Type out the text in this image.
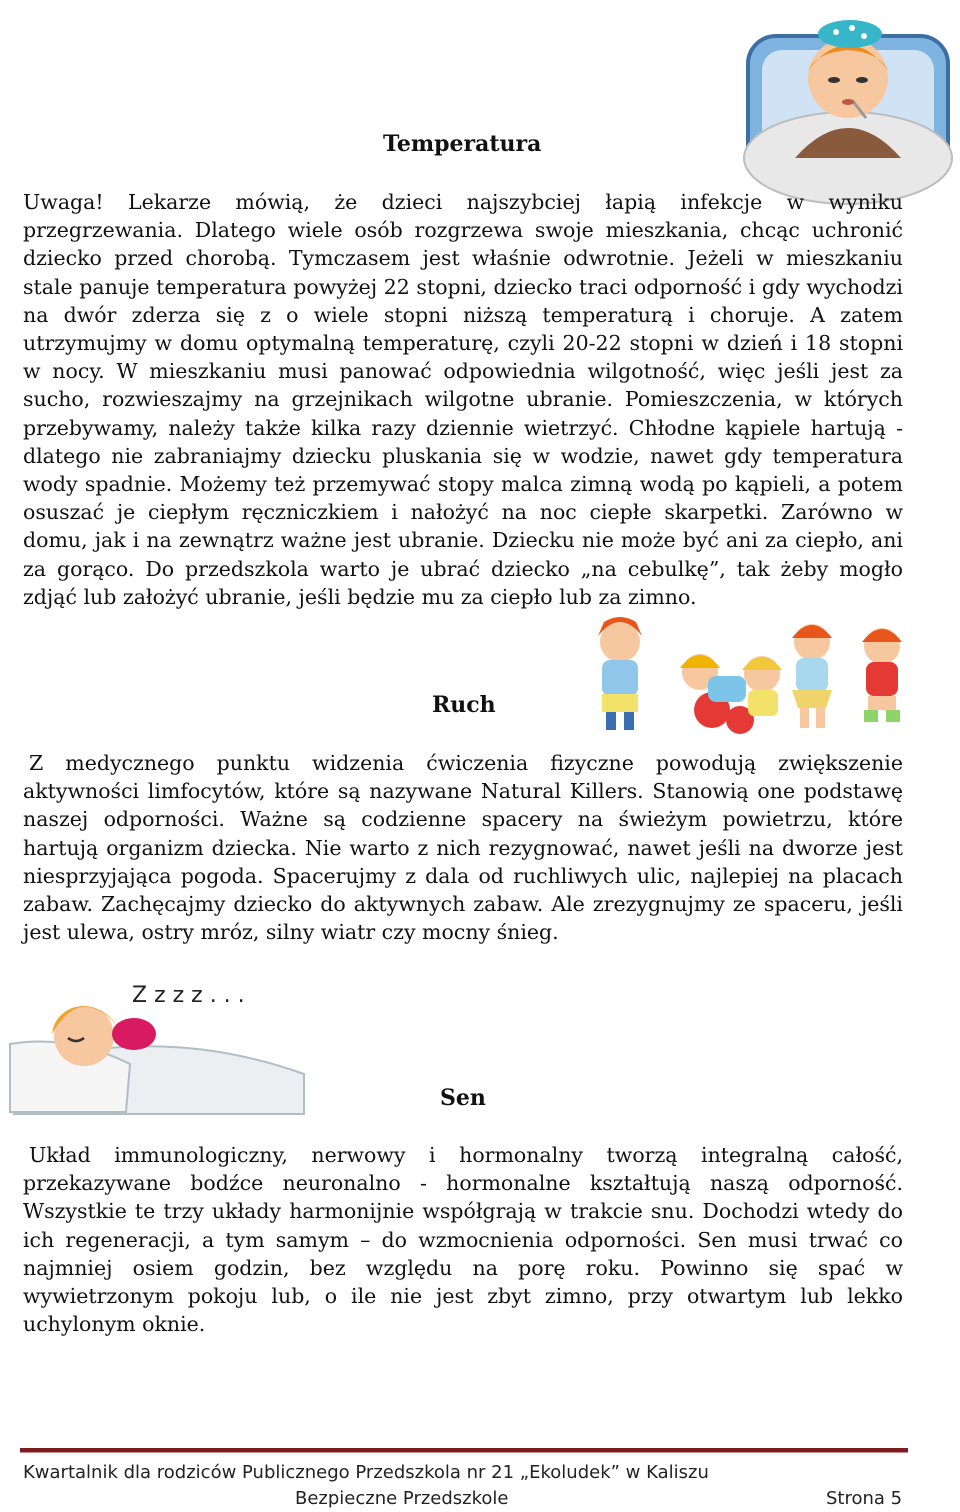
Temperatura

Uwaga! Lekarze mówią, że dzieci najszybciej łapią infekcje w wyniku przegrzewania. Dlatego wiele osób rozgrzewa swoje mieszkania, chcąc uchronić dziecko przed chorobą. Tymczasem jest właśnie odwrotnie. Jeżeli w mieszkaniu stale panuje temperatura powyżej 22 stopni, dziecko traci odporność i gdy wychodzi na dwór zderza się z o wiele stopni niższą temperaturą i choruje. A zatem utrzymujmy w domu optymalną temperaturę, czyli 20-22 stopni w dzień i 18 stopni w nocy. W mieszkaniu musi panować odpowiednia wilgotność, więc jeśli jest za sucho, rozwieszajmy na grzejnikach wilgotne ubranie. Pomieszczenia, w których przebywamy, należy także kilka razy dziennie wietrzyć. Chłodne kąpiele hartują - dlatego nie zabraniajmy dziecku pluskania się w wodzie, nawet gdy temperatura wody spadnie. Możemy też przemywać stopy malca zimną wodą po kąpieli, a potem osuszać je ciepłym ręczniczkiem i nałożyć na noc ciepłe skarpetki. Zarówno w domu, jak i na zewnątrz ważne jest ubranie. Dziecku nie może być ani za ciepło, ani za gorąco. Do przedszkola warto je ubrać dziecko „na cebulkę”, tak żeby mogło zdjąć lub założyć ubranie, jeśli będzie mu za ciepło lub za zimno.

Ruch

Z medycznego punktu widzenia ćwiczenia fizyczne powodują zwiększenie aktywności limfocytów, które są nazywane Natural Killers. Stanowią one podstawę naszej odporności. Ważne są codzienne spacery na świeżym powietrzu, które hartują organizm dziecka. Nie warto z nich rezygnować, nawet jeśli na dworze jest niesprzyjająca pogoda. Spacerujmy z dala od ruchliwych ulic, najlepiej na placach zabaw. Zachęcajmy dziecko do aktywnych zabaw. Ale zrezygnujmy ze spaceru, jeśli jest ulewa, ostry mróz, silny wiatr czy mocny śnieg.

Z z z z . . .
Sen

Układ immunologiczny, nerwowy i hormonalny tworzą integralną całość, przekazywane bodźce neuronalno - hormonalne kształtują naszą odporność. Wszystkie te trzy układy harmonijnie współgrają w trakcie snu. Dochodzi wtedy do ich regeneracji, a tym samym – do wzmocnienia odporności. Sen musi trwać co najmniej osiem godzin, bez względu na porę roku. Powinno się spać w wywietrzonym pokoju lub, o ile nie jest zbyt zimno, przy otwartym lub lekko uchylonym oknie.

Kwartalnik dla rodziców Publicznego Przedszkola nr 21 „Ekoludek” w Kaliszu
Bezpieczne Przedszkole	Strona 5
